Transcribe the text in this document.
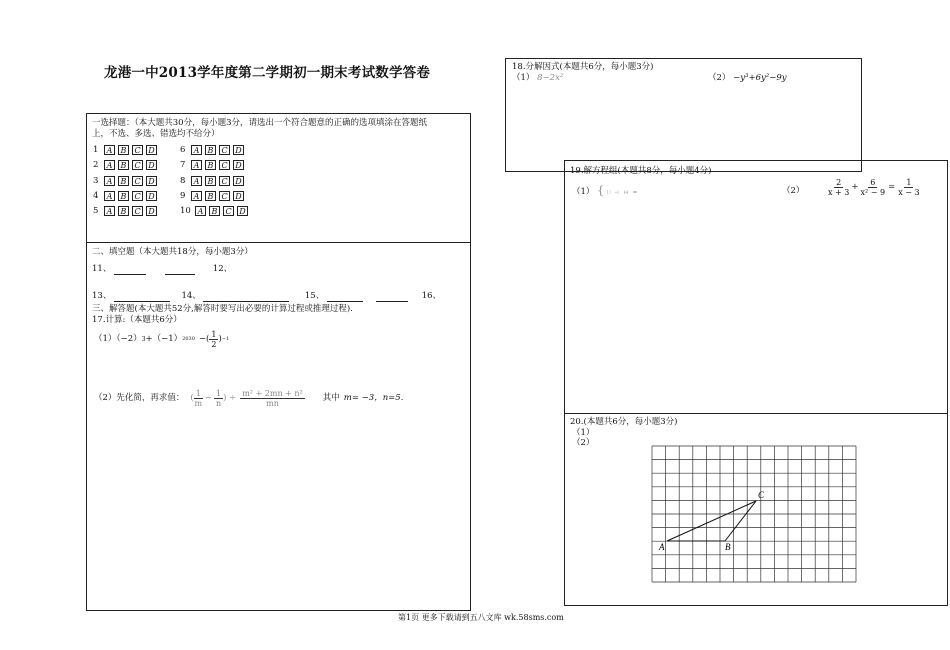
龙港一中2013学年度第二学期初一期末考试数学答卷
一选择题：（本大题共30分，每小题3分，请选出一个符合题意的正确的选项填涂在答题纸
上，不选、多选、错选均不给分）
1	A	B	C D
2	A	B	C D
3	A	B	C D
4	A	B	C D
5	A	B	C D
6	A	B	C D
7	A	B	C D
8	A	B	C D
9	A	B	C D
10 A	B	C D
二、填空题（本大题共18分，每小题3分）
11、	12、
13、	14、	15、	16、
三、解答题(本大题共52分,解答时要写出必要的计算过程或推理过程).
17.计算:（本题共6分）
（1）（−2） 3 +（−1） 2030 −( $\frac{1}{2}$ ) −1
（2）先化简，再求值： ( $\frac{1}{m} - \frac{1}{n}$ ) ÷ $\frac{\text{m² + 2mn + n²}}{mn}$ 其中 m= −3，n=5.
18.分解因式(本题共6分，每小题3分)
（1） 8−2x²	（2） −y³+6y²−9y
19.解方程组(本题共8分，每小题4分)
（1） { ∷ ∹ ∺ =	（2）	$\frac{2}{x + 3} + \frac{6}{\text{x² − 9}} = \frac{1}{x - 3}$
20.(本题共6分，每小题3分)
（1）
（2）
A	B
C
第1页 更多下载请到五八文库 wk.58sms.com
